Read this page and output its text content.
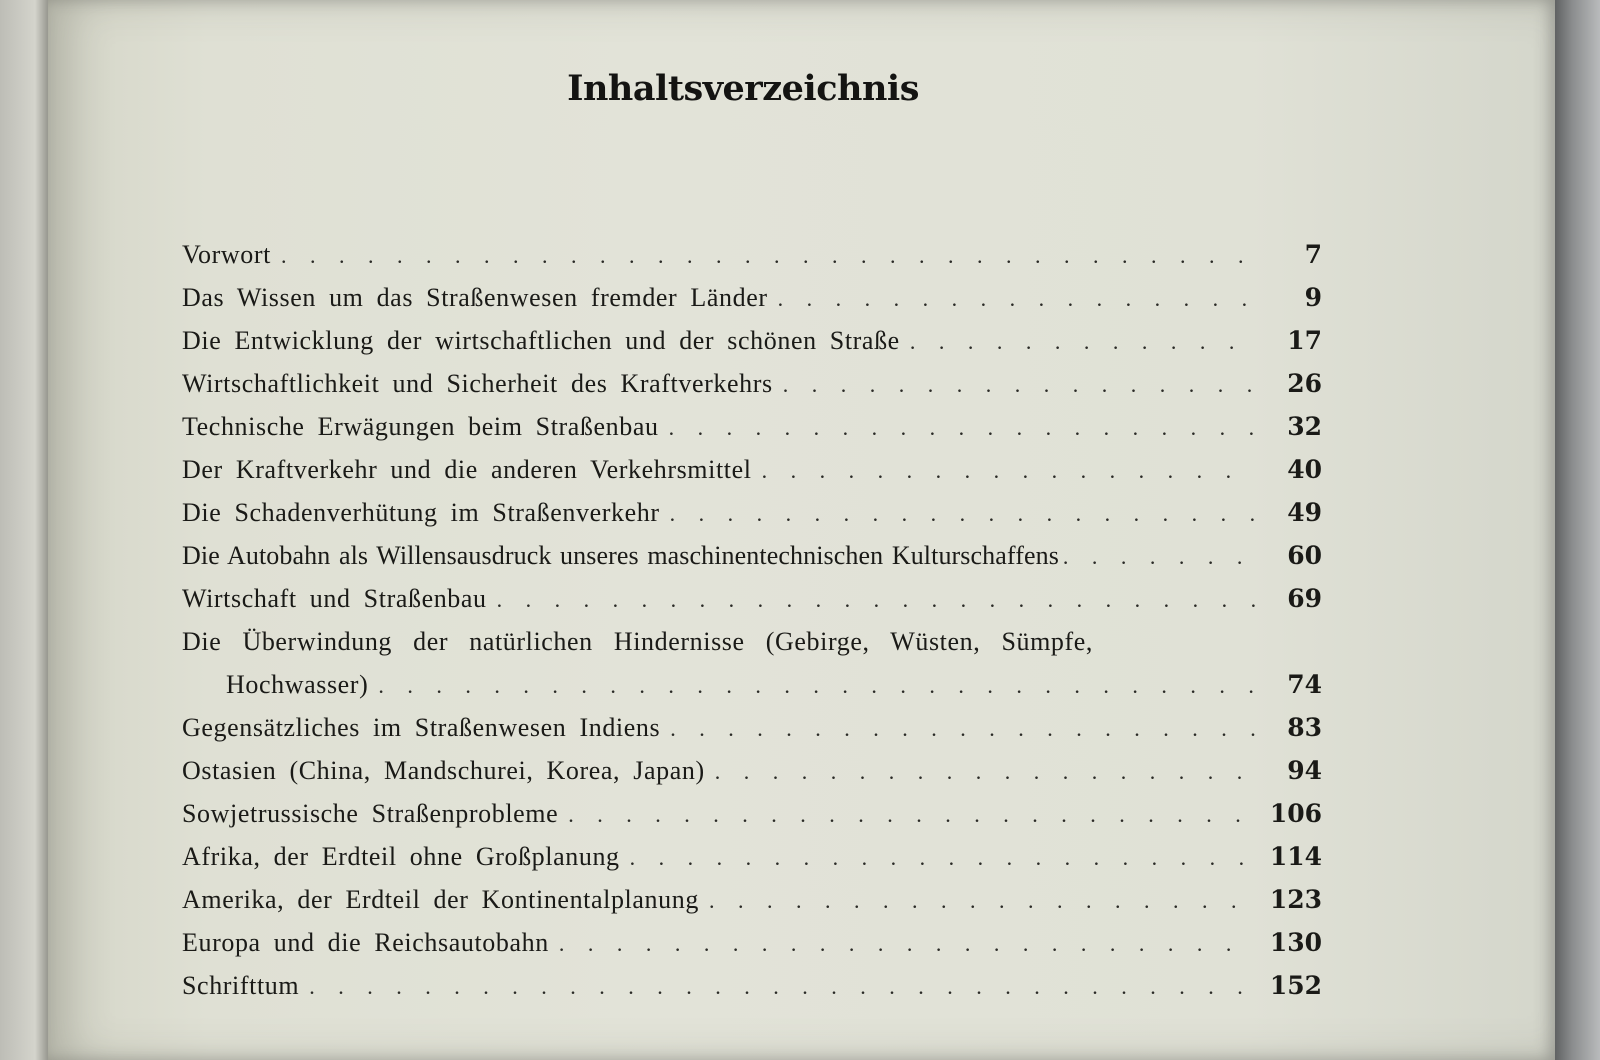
Inhaltsverzeichnis
Vorwort . . .	7
Das Wissen um das Straßenwesen fremder Länder . . .	9
Die Entwicklung der wirtschaftlichen und der schönen Straße . . .	17
Wirtschaftlichkeit und Sicherheit des Kraftverkehrs . . .	26
Technische Erwägungen beim Straßenbau . . .	32
Der Kraftverkehr und die anderen Verkehrsmittel . . .	40
Die Schadenverhütung im Straßenverkehr . . .	49
Die Autobahn als Willensausdruck unseres maschinentechnischen Kulturschaffens . . .	60
Wirtschaft und Straßenbau . . .	69
Die Überwindung der natürlichen Hindernisse (Gebirge, Wüsten, Sümpfe,
Hochwasser) . . .	74
Gegensätzliches im Straßenwesen Indiens . . .	83
Ostasien (China, Mandschurei, Korea, Japan) . . .	94
Sowjetrussische Straßenprobleme . . .	106
Afrika, der Erdteil ohne Großplanung . . .	114
Amerika, der Erdteil der Kontinentalplanung . . .	123
Europa und die Reichsautobahn . . .	130
Schrifttum . . .	152
